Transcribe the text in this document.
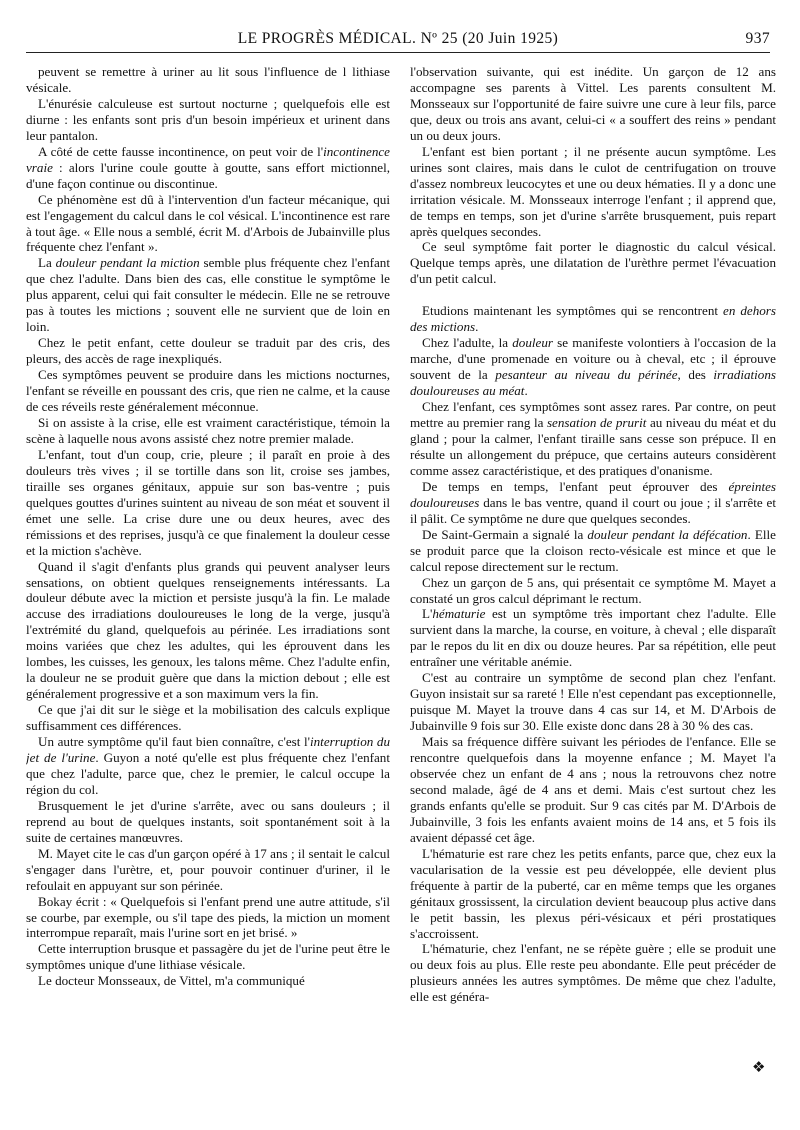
LE PROGRÈS MÉDICAL. Nº 25 (20 Juin 1925)	937

peuvent se remettre à uriner au lit sous l'influence de l lithiase vésicale.

L'énurésie calculeuse est surtout nocturne ; quelquefois elle est diurne : les enfants sont pris d'un besoin impérieux et urinent dans leur pantalon.

A côté de cette fausse incontinence, on peut voir de l'incontinence vraie : alors l'urine coule goutte à goutte, sans effort mictionnel, d'une façon continue ou discontinue.

Ce phénomène est dû à l'intervention d'un facteur mécanique, qui est l'engagement du calcul dans le col vésical. L'incontinence est rare à tout âge. « Elle nous a semblé, écrit M. d'Arbois de Jubainville plus fréquente chez l'enfant ».

La douleur pendant la miction semble plus fréquente chez l'enfant que chez l'adulte. Dans bien des cas, elle constitue le symptôme le plus apparent, celui qui fait consulter le médecin. Elle ne se retrouve pas à toutes les mictions ; souvent elle ne survient que de loin en loin.

Chez le petit enfant, cette douleur se traduit par des cris, des pleurs, des accès de rage inexpliqués.

Ces symptômes peuvent se produire dans les mictions nocturnes, l'enfant se réveille en poussant des cris, que rien ne calme, et la cause de ces réveils reste généralement méconnue.

Si on assiste à la crise, elle est vraiment caractéristique, témoin la scène à laquelle nous avons assisté chez notre premier malade.

L'enfant, tout d'un coup, crie, pleure ; il paraît en proie à des douleurs très vives ; il se tortille dans son lit, croise ses jambes, tiraille ses organes génitaux, appuie sur son bas-ventre ; puis quelques gouttes d'urines suintent au niveau de son méat et souvent il émet une selle. La crise dure une ou deux heures, avec des rémissions et des reprises, jusqu'à ce que finalement la douleur cesse et la miction s'achève.

Quand il s'agit d'enfants plus grands qui peuvent analyser leurs sensations, on obtient quelques renseignements intéressants. La douleur débute avec la miction et persiste jusqu'à la fin. Le malade accuse des irradiations douloureuses le long de la verge, jusqu'à l'extrémité du gland, quelquefois au périnée. Les irradiations sont moins variées que chez les adultes, qui les éprouvent dans les lombes, les cuisses, les genoux, les talons même. Chez l'adulte enfin, la douleur ne se produit guère que dans la miction debout ; elle est généralement progressive et a son maximum vers la fin.

Ce que j'ai dit sur le siège et la mobilisation des calculs explique suffisamment ces différences.

Un autre symptôme qu'il faut bien connaître, c'est l'interruption du jet de l'urine. Guyon a noté qu'elle est plus fréquente chez l'enfant que chez l'adulte, parce que, chez le premier, le calcul occupe la région du col.

Brusquement le jet d'urine s'arrête, avec ou sans douleurs ; il reprend au bout de quelques instants, soit spontanément soit à la suite de certaines manœuvres.

M. Mayet cite le cas d'un garçon opéré à 17 ans ; il sentait le calcul s'engager dans l'urètre, et, pour pouvoir continuer d'uriner, il le refoulait en appuyant sur son périnée.

Bokay écrit : « Quelquefois si l'enfant prend une autre attitude, s'il se courbe, par exemple, ou s'il tape des pieds, la miction un moment interrompue reparaît, mais l'urine sort en jet brisé. »

Cette interruption brusque et passagère du jet de l'urine peut être le symptômes unique d'une lithiase vésicale.

Le docteur Monsseaux, de Vittel, m'a communiqué

l'observation suivante, qui est inédite. Un garçon de 12 ans accompagne ses parents à Vittel. Les parents consultent M. Monsseaux sur l'opportunité de faire suivre une cure à leur fils, parce que, deux ou trois ans avant, celui-ci « a souffert des reins » pendant un ou deux jours.

L'enfant est bien portant ; il ne présente aucun symptôme. Les urines sont claires, mais dans le culot de centrifugation on trouve d'assez nombreux leucocytes et une ou deux hématies. Il y a donc une irritation vésicale. M. Monsseaux interroge l'enfant ; il apprend que, de temps en temps, son jet d'urine s'arrête brusquement, puis repart après quelques secondes.

Ce seul symptôme fait porter le diagnostic du calcul vésical. Quelque temps après, une dilatation de l'urèthre permet l'évacuation d'un petit calcul.

Etudions maintenant les symptômes qui se rencontrent en dehors des mictions.

Chez l'adulte, la douleur se manifeste volontiers à l'occasion de la marche, d'une promenade en voiture ou à cheval, etc ; il éprouve souvent de la pesanteur au niveau du périnée, des irradiations douloureuses au méat.

Chez l'enfant, ces symptômes sont assez rares. Par contre, on peut mettre au premier rang la sensation de prurit au niveau du méat et du gland ; pour la calmer, l'enfant tiraille sans cesse son prépuce. Il en résulte un allongement du prépuce, que certains auteurs considèrent comme assez caractéristique, et des pratiques d'onanisme.

De temps en temps, l'enfant peut éprouver des épreintes douloureuses dans le bas ventre, quand il court ou joue ; il s'arrête et il pâlit. Ce symptôme ne dure que quelques secondes.

De Saint-Germain a signalé la douleur pendant la défécation. Elle se produit parce que la cloison recto-vésicale est mince et que le calcul repose directement sur le rectum.

Chez un garçon de 5 ans, qui présentait ce symptôme M. Mayet a constaté un gros calcul déprimant le rectum.

L'hématurie est un symptôme très important chez l'adulte. Elle survient dans la marche, la course, en voiture, à cheval ; elle disparaît par le repos du lit en dix ou douze heures. Par sa répétition, elle peut entraîner une véritable anémie.

C'est au contraire un symptôme de second plan chez l'enfant. Guyon insistait sur sa rareté ! Elle n'est cependant pas exceptionnelle, puisque M. Mayet la trouve dans 4 cas sur 14, et M. D'Arbois de Jubainville 9 fois sur 30. Elle existe donc dans 28 à 30 % des cas.

Mais sa fréquence diffère suivant les périodes de l'enfance. Elle se rencontre quelquefois dans la moyenne enfance ; M. Mayet l'a observée chez un enfant de 4 ans ; nous la retrouvons chez notre second malade, âgé de 4 ans et demi. Mais c'est surtout chez les grands enfants qu'elle se produit. Sur 9 cas cités par M. D'Arbois de Jubainville, 3 fois les enfants avaient moins de 14 ans, et 5 fois ils avaient dépassé cet âge.

L'hématurie est rare chez les petits enfants, parce que, chez eux la vacularisation de la vessie est peu développée, elle devient plus fréquente à partir de la puberté, car en même temps que les organes génitaux grossissent, la circulation devient beaucoup plus active dans le petit bassin, les plexus péri-vésicaux et péri prostatiques s'accroissent.

L'hématurie, chez l'enfant, ne se répète guère ; elle se produit une ou deux fois au plus. Elle reste peu abondante. Elle peut précéder de plusieurs années les autres symptômes. De même que chez l'adulte, elle est généra-

❖
